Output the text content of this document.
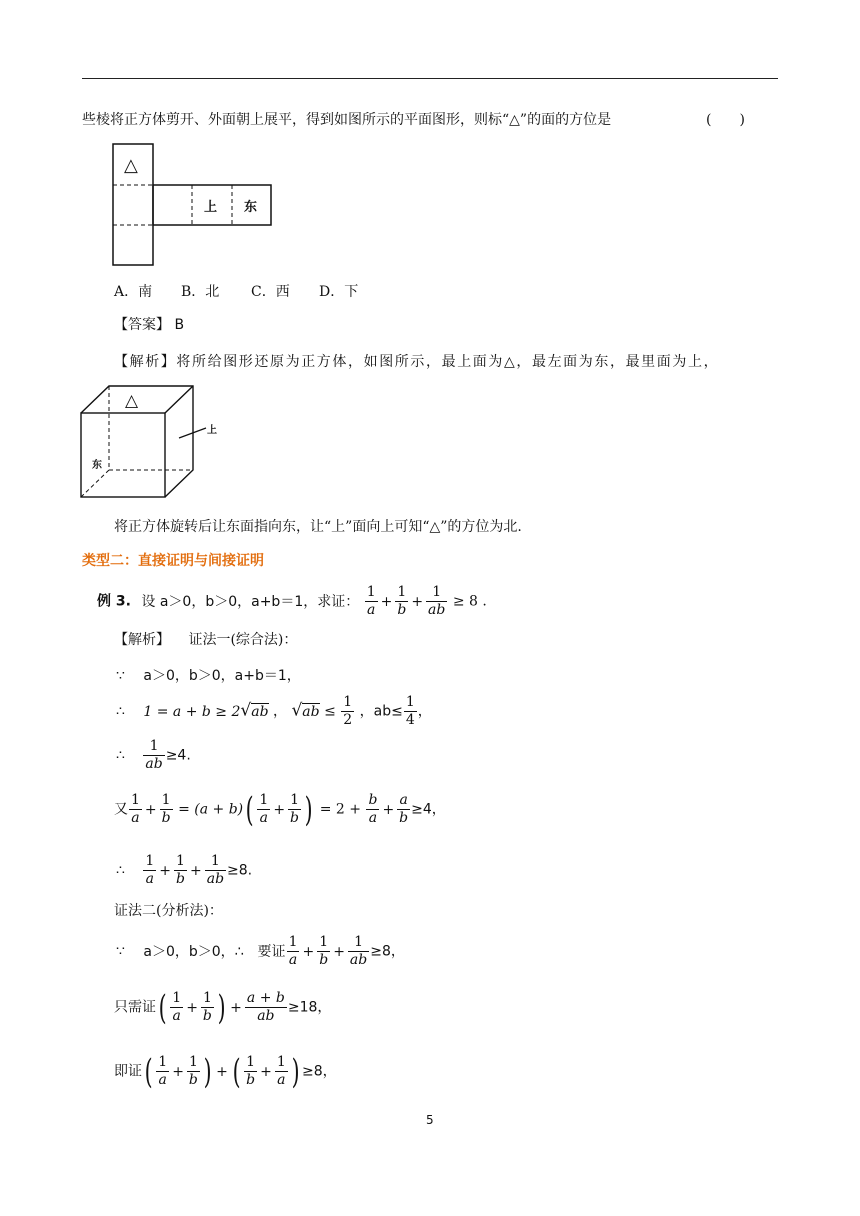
些棱将正方体剪开、外面朝上展平，得到如图所示的平面图形，则标“△”的面的方位是	(　　)
△
上 东
A．南 B．北 C．西 D．下
【答案】 B
【解析】将所给图形还原为正方体，如图所示，最上面为△，最左面为东，最里面为上，
△
上
东
将正方体旋转后让东面指向东，让“上”面向上可知“△”的方位为北.
类型二：直接证明与间接证明
例 3. 设 a＞0，b＞0，a+b＝1，求证： $\frac{1}{a} + \frac{1}{b} + \frac{1}{ab} \ge 8$ .
【解析】 证法一(综合法)：
∵ a＞0，b＞0，a+b＝1，
∴ 1 = a + b ≥ 2√ab ， $√ab \le \frac{1}{2}$ ，$ab\le \frac{1}{4}$ ，
∴ $\frac{1}{ab} \ge 4$.
又 $\frac{1}{a} + \frac{1}{b} = (a + b)( \frac{1}{a} + \frac{1}{b}$ ) = $2 + \frac{b}{a} + \frac{a}{b} \ge 4$，
∴ $\frac{1}{a} + \frac{1}{b} + \frac{1}{ab} \ge 8$.
证法二(分析法)：
∵ a＞0，b＞0，∴　要证 $\frac{1}{a} + \frac{1}{b} + \frac{1}{ab} \ge 8$，
只需证( $\frac{1}{a} + \frac{1}{b}$ ) + $\frac{a + b}{ab} \ge 18$，
即证( $\frac{1}{a} + \frac{1}{b}$ ) + ( $\frac{1}{b} + \frac{1}{a}$ ) ≥8，
5
